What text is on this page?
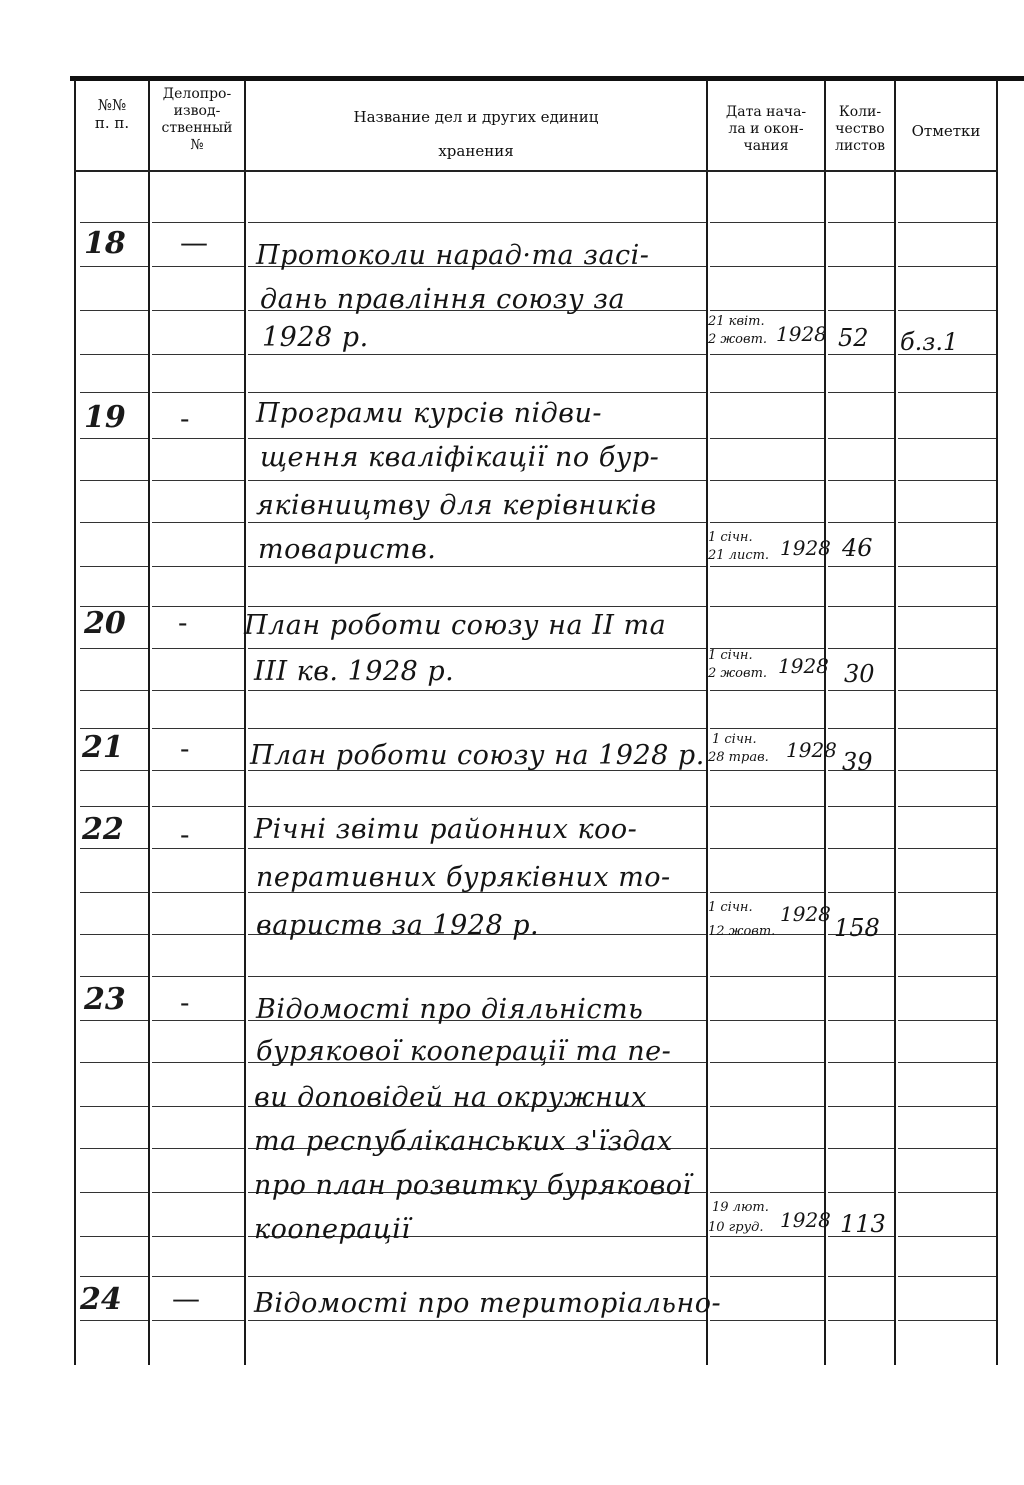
№№
п. п.
Делопро-
извод-
ственный
№
Название дел и других единиц
хранения
Дата нача-
ла и окон-
чания
Коли-
чество
листов
Отметки
18 — Протоколи нарад·та засі-
дань правління союзу за
1928 р.
21 квіт.
2 жовт. 1928 52 б.з.1
19 - Програми курсів підви-
щення кваліфікації по бур-
яківництву для керівників
товариств.	1 січн.
21 лист. 1928 46
20 - План роботи союзу на II та
III кв. 1928 р.
1 січн.
2 жовт. 1928 30
21 - План роботи союзу на 1928 р.
1 січн.
28 трав. 1928 39
22 - Річні звіти районних коо-
перативних буряківних то-
вариств за 1928 р.
1 січн.
12 жовт.
1928 158
23 - Відомості про діяльність
бурякової кооперації та пе-
ви доповідей на окружних
та республіканських з'їздах
про план розвитку бурякової
кооперації
19 лют.
10 груд. 1928 113
24 — Відомості про територіально-
